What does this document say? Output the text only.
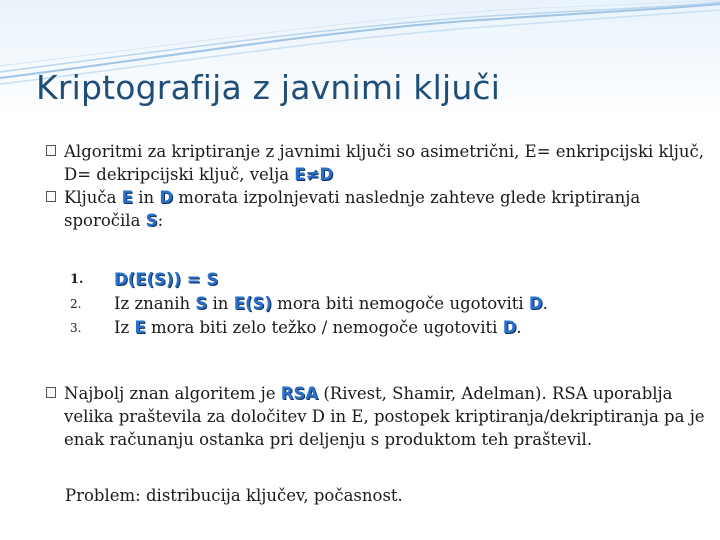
Kriptografija z javnimi ključi
Algoritmi za kriptiranje z javnimi ključi so asimetrični, E= enkripcijski ključ, D= dekripcijski ključ, velja E≠D
Ključa E in D morata izpolnjevati naslednje zahteve glede kriptiranja sporočila S:
1. D(E(S)) = S
2. Iz znanih S in E(S) mora biti nemogoče ugotoviti D.
3. Iz E mora biti zelo težko / nemogoče ugotoviti D.
Najbolj znan algoritem je RSA (Rivest, Shamir, Adelman). RSA uporablja velika praštevila za določitev D in E, postopek kriptiranja/dekriptiranja pa je enak računanju ostanka pri deljenju s produktom teh praštevil.
Problem: distribucija ključev, počasnost.
